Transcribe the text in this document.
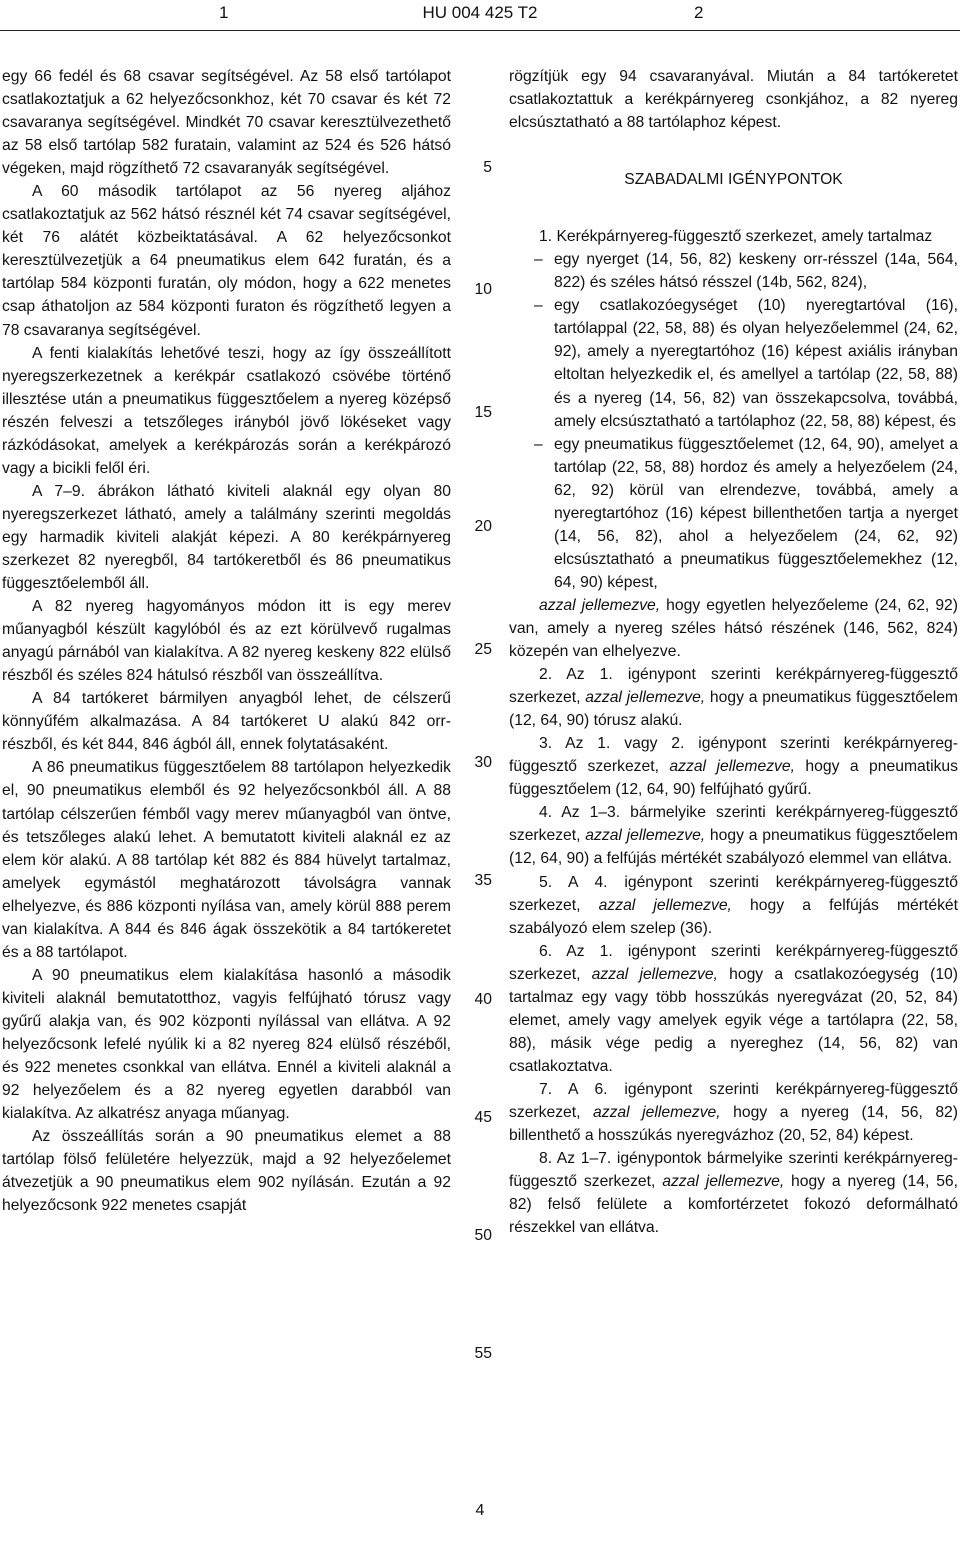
1	HU 004 425 T2	2

egy 66 fedél és 68 csavar segítségével. Az 58 első tartólapot csatlakoztatjuk a 62 helyezőcsonkhoz, két 70 csavar és két 72 csavaranya segítségével. Mindkét 70 csavar keresztülvezethető az 58 első tartólap 582 furatain, valamint az 524 és 526 hátsó végeken, majd rögzíthető 72 csavaranyák segítségével.

A 60 második tartólapot az 56 nyereg aljához csatlakoztatjuk az 562 hátsó résznél két 74 csavar segítségével, két 76 alátét közbeiktatásával. A 62 helyezőcsonkot keresztülvezetjük a 64 pneumatikus elem 642 furatán, és a tartólap 584 központi furatán, oly módon, hogy a 622 menetes csap áthatoljon az 584 központi furaton és rögzíthető legyen a 78 csavaranya segítségével.

A fenti kialakítás lehetővé teszi, hogy az így összeállított nyeregszerkezetnek a kerékpár csatlakozó csövébe történő illesztése után a pneumatikus függesztőelem a nyereg középső részén felveszi a tetszőleges irányból jövő lökéseket vagy rázkódásokat, amelyek a kerékpározás során a kerékpározó vagy a bicikli felől éri.

A 7–9. ábrákon látható kiviteli alaknál egy olyan 80 nyeregszerkezet látható, amely a találmány szerinti megoldás egy harmadik kiviteli alakját képezi. A 80 kerékpárnyereg szerkezet 82 nyeregből, 84 tartókeretből és 86 pneumatikus függesztőelemből áll.

A 82 nyereg hagyományos módon itt is egy merev műanyagból készült kagylóból és az ezt körülvevő rugalmas anyagú párnából van kialakítva. A 82 nyereg keskeny 822 elülső részből és széles 824 hátulsó részből van összeállítva.

A 84 tartókeret bármilyen anyagból lehet, de célszerű könnyűfém alkalmazása. A 84 tartókeret U alakú 842 orr-részből, és két 844, 846 ágból áll, ennek folytatásaként.

A 86 pneumatikus függesztőelem 88 tartólapon helyezkedik el, 90 pneumatikus elemből és 92 helyezőcsonkból áll. A 88 tartólap célszerűen fémből vagy merev műanyagból van öntve, és tetszőleges alakú lehet. A bemutatott kiviteli alaknál ez az elem kör alakú. A 88 tartólap két 882 és 884 hüvelyt tartalmaz, amelyek egymástól meghatározott távolságra vannak elhelyezve, és 886 központi nyílása van, amely körül 888 perem van kialakítva. A 844 és 846 ágak összekötik a 84 tartókeretet és a 88 tartólapot.

A 90 pneumatikus elem kialakítása hasonló a második kiviteli alaknál bemutatotthoz, vagyis felfújható tórusz vagy gyűrű alakja van, és 902 központi nyílással van ellátva. A 92 helyezőcsonk lefelé nyúlik ki a 82 nyereg 824 elülső részéből, és 922 menetes csonkkal van ellátva. Ennél a kiviteli alaknál a 92 helyezőelem és a 82 nyereg egyetlen darabból van kialakítva. Az alkatrész anyaga műanyag.

Az összeállítás során a 90 pneumatikus elemet a 88 tartólap fölső felületére helyezzük, majd a 92 helyezőelemet átvezetjük a 90 pneumatikus elem 902 nyílásán. Ezután a 92 helyezőcsonk 922 menetes csapját

5
10
15
20
25
30
35
40
45
50
55

rögzítjük egy 94 csavaranyával. Miután a 84 tartókeretet csatlakoztattuk a kerékpárnyereg csonkjához, a 82 nyereg elcsúsztatható a 88 tartólaphoz képest.

SZABADALMI IGÉNYPONTOK

1. Kerékpárnyereg-függesztő szerkezet, amely tartalmaz

– egy nyerget (14, 56, 82) keskeny orr-résszel (14a, 564, 822) és széles hátsó résszel (14b, 562, 824),

– egy csatlakozóegységet (10) nyeregtartóval (16), tartólappal (22, 58, 88) és olyan helyezőelemmel (24, 62, 92), amely a nyeregtartóhoz (16) képest axiális irányban eltoltan helyezkedik el, és amellyel a tartólap (22, 58, 88) és a nyereg (14, 56, 82) van összekapcsolva, továbbá, amely elcsúsztatható a tartólaphoz (22, 58, 88) képest, és

– egy pneumatikus függesztőelemet (12, 64, 90), amelyet a tartólap (22, 58, 88) hordoz és amely a helyezőelem (24, 62, 92) körül van elrendezve, továbbá, amely a nyeregtartóhoz (16) képest billenthetően tartja a nyerget (14, 56, 82), ahol a helyezőelem (24, 62, 92) elcsúsztatható a pneumatikus függesztőelemekhez (12, 64, 90) képest,

azzal jellemezve, hogy egyetlen helyezőeleme (24, 62, 92) van, amely a nyereg széles hátsó részének (146, 562, 824) közepén van elhelyezve.

2. Az 1. igénypont szerinti kerékpárnyereg-függesztő szerkezet, azzal jellemezve, hogy a pneumatikus függesztőelem (12, 64, 90) tórusz alakú.

3. Az 1. vagy 2. igénypont szerinti kerékpárnyereg-függesztő szerkezet, azzal jellemezve, hogy a pneumatikus függesztőelem (12, 64, 90) felfújható gyűrű.

4. Az 1–3. bármelyike szerinti kerékpárnyereg-függesztő szerkezet, azzal jellemezve, hogy a pneumatikus függesztőelem (12, 64, 90) a felfújás mértékét szabályozó elemmel van ellátva.

5. A 4. igénypont szerinti kerékpárnyereg-függesztő szerkezet, azzal jellemezve, hogy a felfújás mértékét szabályozó elem szelep (36).

6. Az 1. igénypont szerinti kerékpárnyereg-függesztő szerkezet, azzal jellemezve, hogy a csatlakozóegység (10) tartalmaz egy vagy több hosszúkás nyeregvázat (20, 52, 84) elemet, amely vagy amelyek egyik vége a tartólapra (22, 58, 88), másik vége pedig a nyereghez (14, 56, 82) van csatlakoztatva.

7. A 6. igénypont szerinti kerékpárnyereg-függesztő szerkezet, azzal jellemezve, hogy a nyereg (14, 56, 82) billenthető a hosszúkás nyeregvázhoz (20, 52, 84) képest.

8. Az 1–7. igénypontok bármelyike szerinti kerékpárnyereg-függesztő szerkezet, azzal jellemezve, hogy a nyereg (14, 56, 82) felső felülete a komfortérzetet fokozó deformálható részekkel van ellátva.

4
